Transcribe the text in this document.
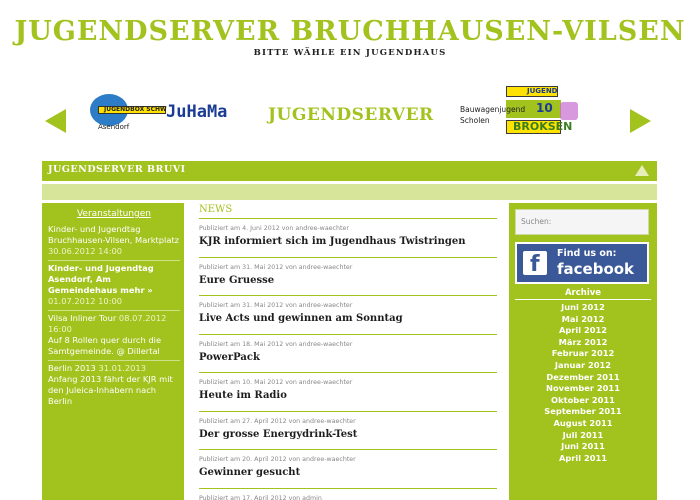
JUGENDSERVER BRUCHHAUSEN-VILSEN
BITTE WÄHLE EIN JUGENDHAUS
JUGENDBOX SCHW JuHaMa
Asendorf
JUGENDSERVER
JUGEND
10
Bauwagenjugend
Scholen	BROKSEN
JUGENDSERVER BRUVI
Veranstaltungen
Kinder- und Jugendtag Bruchhausen-Vilsen, Marktplatz 30.06.2012 14:00
Kinder- und Jugendtag Asendorf, Am Gemeindehaus mehr » 01.07.2012 10:00
Vilsa Inliner Tour 08.07.2012 16:00
Auf 8 Rollen quer durch die Samtgemeinde. @ Dillertal
Berlin 2013 31.01.2013
Anfang 2013 fährt der KJR mit den Juleica-Inhabern nach Berlin
NEWS
Publiziert am 4. Juni 2012 von andree-waechter
KJR informiert sich im Jugendhaus Twistringen
Publiziert am 31. Mai 2012 von andree-waechter
Eure Gruesse
Publiziert am 31. Mai 2012 von andree-waechter
Live Acts und gewinnen am Sonntag
Publiziert am 18. Mai 2012 von andree-waechter
PowerPack
Publiziert am 10. Mai 2012 von andree-waechter
Heute im Radio
Publiziert am 27. April 2012 von andree-waechter
Der grosse Energydrink-Test
Publiziert am 20. April 2012 von andree-waechter
Gewinner gesucht
Publiziert am 17. April 2012 von admin
Suchen:
f Find us on:
facebook
Archive
Juni 2012
Mai 2012
April 2012
März 2012
Februar 2012
Januar 2012
Dezember 2011
November 2011
Oktober 2011
September 2011
August 2011
Juli 2011
Juni 2011
April 2011
